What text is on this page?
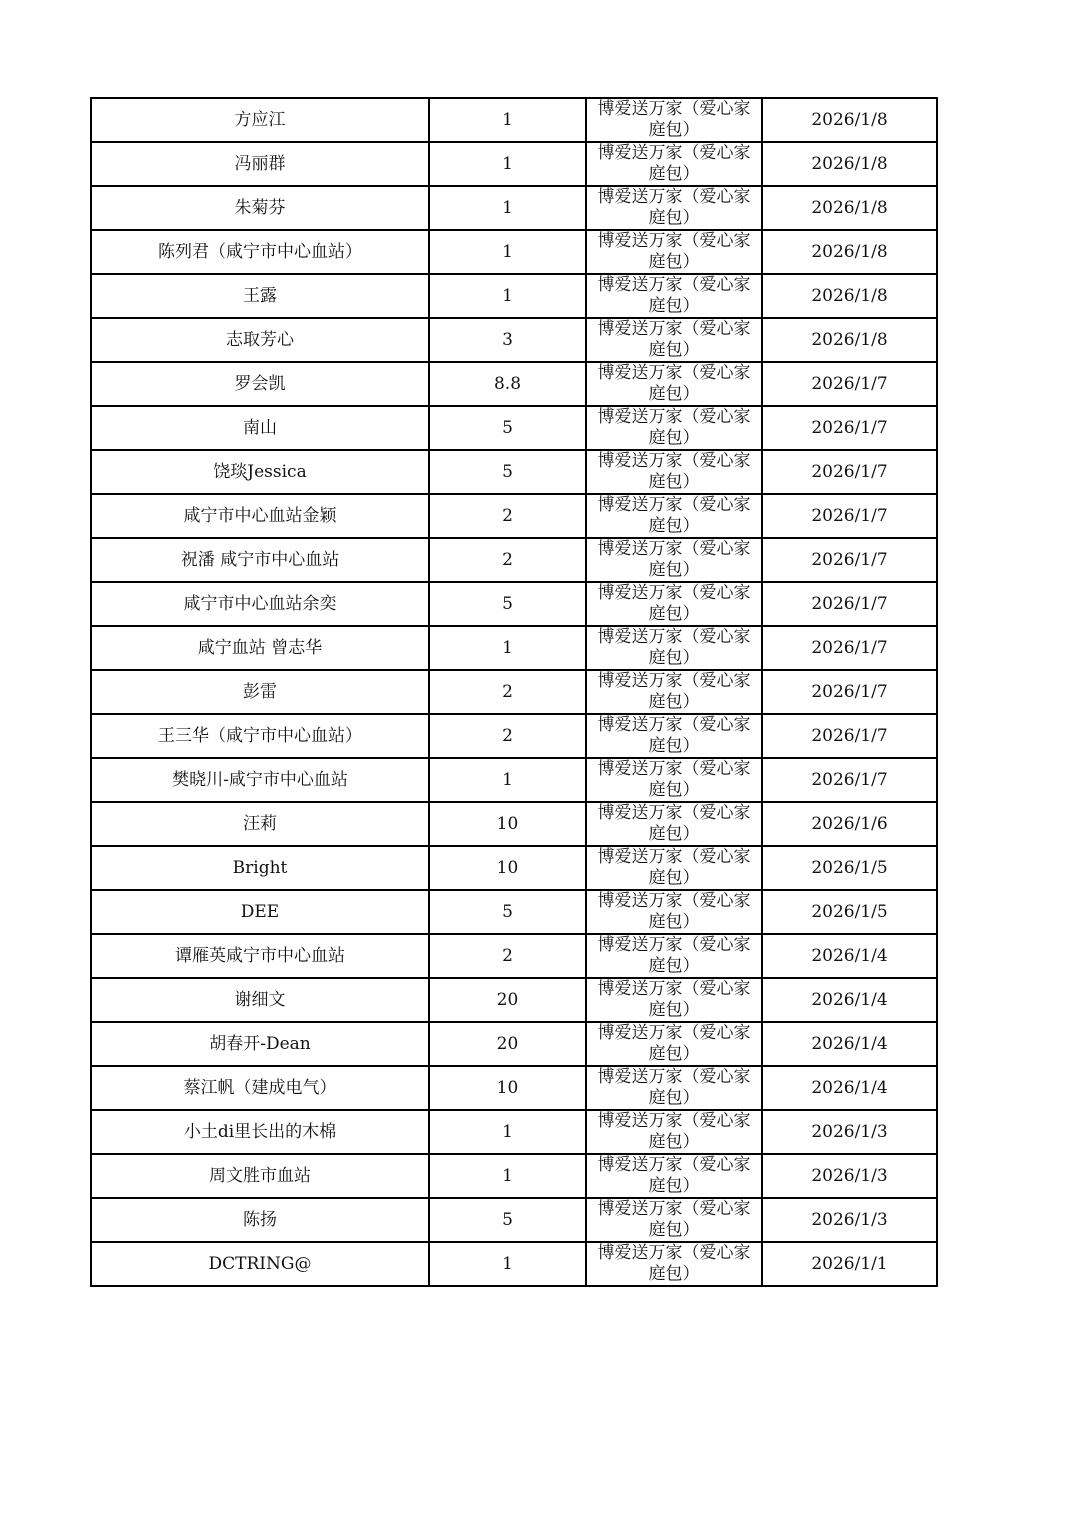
方应江	1	博爱送万家（爱心家庭包）	2026/1/8
冯丽群	1	博爱送万家（爱心家庭包）	2026/1/8
朱菊芬	1	博爱送万家（爱心家庭包）	2026/1/8
陈列君（咸宁市中心血站）	1	博爱送万家（爱心家庭包）	2026/1/8
王露	1	博爱送万家（爱心家庭包）	2026/1/8
志取芳心	3	博爱送万家（爱心家庭包）	2026/1/8
罗会凯	8.8	博爱送万家（爱心家庭包）	2026/1/7
南山	5	博爱送万家（爱心家庭包）	2026/1/7
饶琰Jessica	5	博爱送万家（爱心家庭包）	2026/1/7
咸宁市中心血站金颖	2	博爱送万家（爱心家庭包）	2026/1/7
祝潘 咸宁市中心血站	2	博爱送万家（爱心家庭包）	2026/1/7
咸宁市中心血站余奕	5	博爱送万家（爱心家庭包）	2026/1/7
咸宁血站 曾志华	1	博爱送万家（爱心家庭包）	2026/1/7
彭雷	2	博爱送万家（爱心家庭包）	2026/1/7
王三华（咸宁市中心血站）	2	博爱送万家（爱心家庭包）	2026/1/7
樊晓川-咸宁市中心血站	1	博爱送万家（爱心家庭包）	2026/1/7
汪莉	10	博爱送万家（爱心家庭包）	2026/1/6
Bright	10	博爱送万家（爱心家庭包）	2026/1/5
DEE	5	博爱送万家（爱心家庭包）	2026/1/5
谭雁英咸宁市中心血站	2	博爱送万家（爱心家庭包）	2026/1/4
谢细文	20	博爱送万家（爱心家庭包）	2026/1/4
胡春开-Dean	20	博爱送万家（爱心家庭包）	2026/1/4
蔡江帆（建成电气）	10	博爱送万家（爱心家庭包）	2026/1/4
小土di里长出的木棉	1	博爱送万家（爱心家庭包）	2026/1/3
周文胜市血站	1	博爱送万家（爱心家庭包）	2026/1/3
陈扬	5	博爱送万家（爱心家庭包）	2026/1/3
DCTRING@	1	博爱送万家（爱心家庭包）	2026/1/1
